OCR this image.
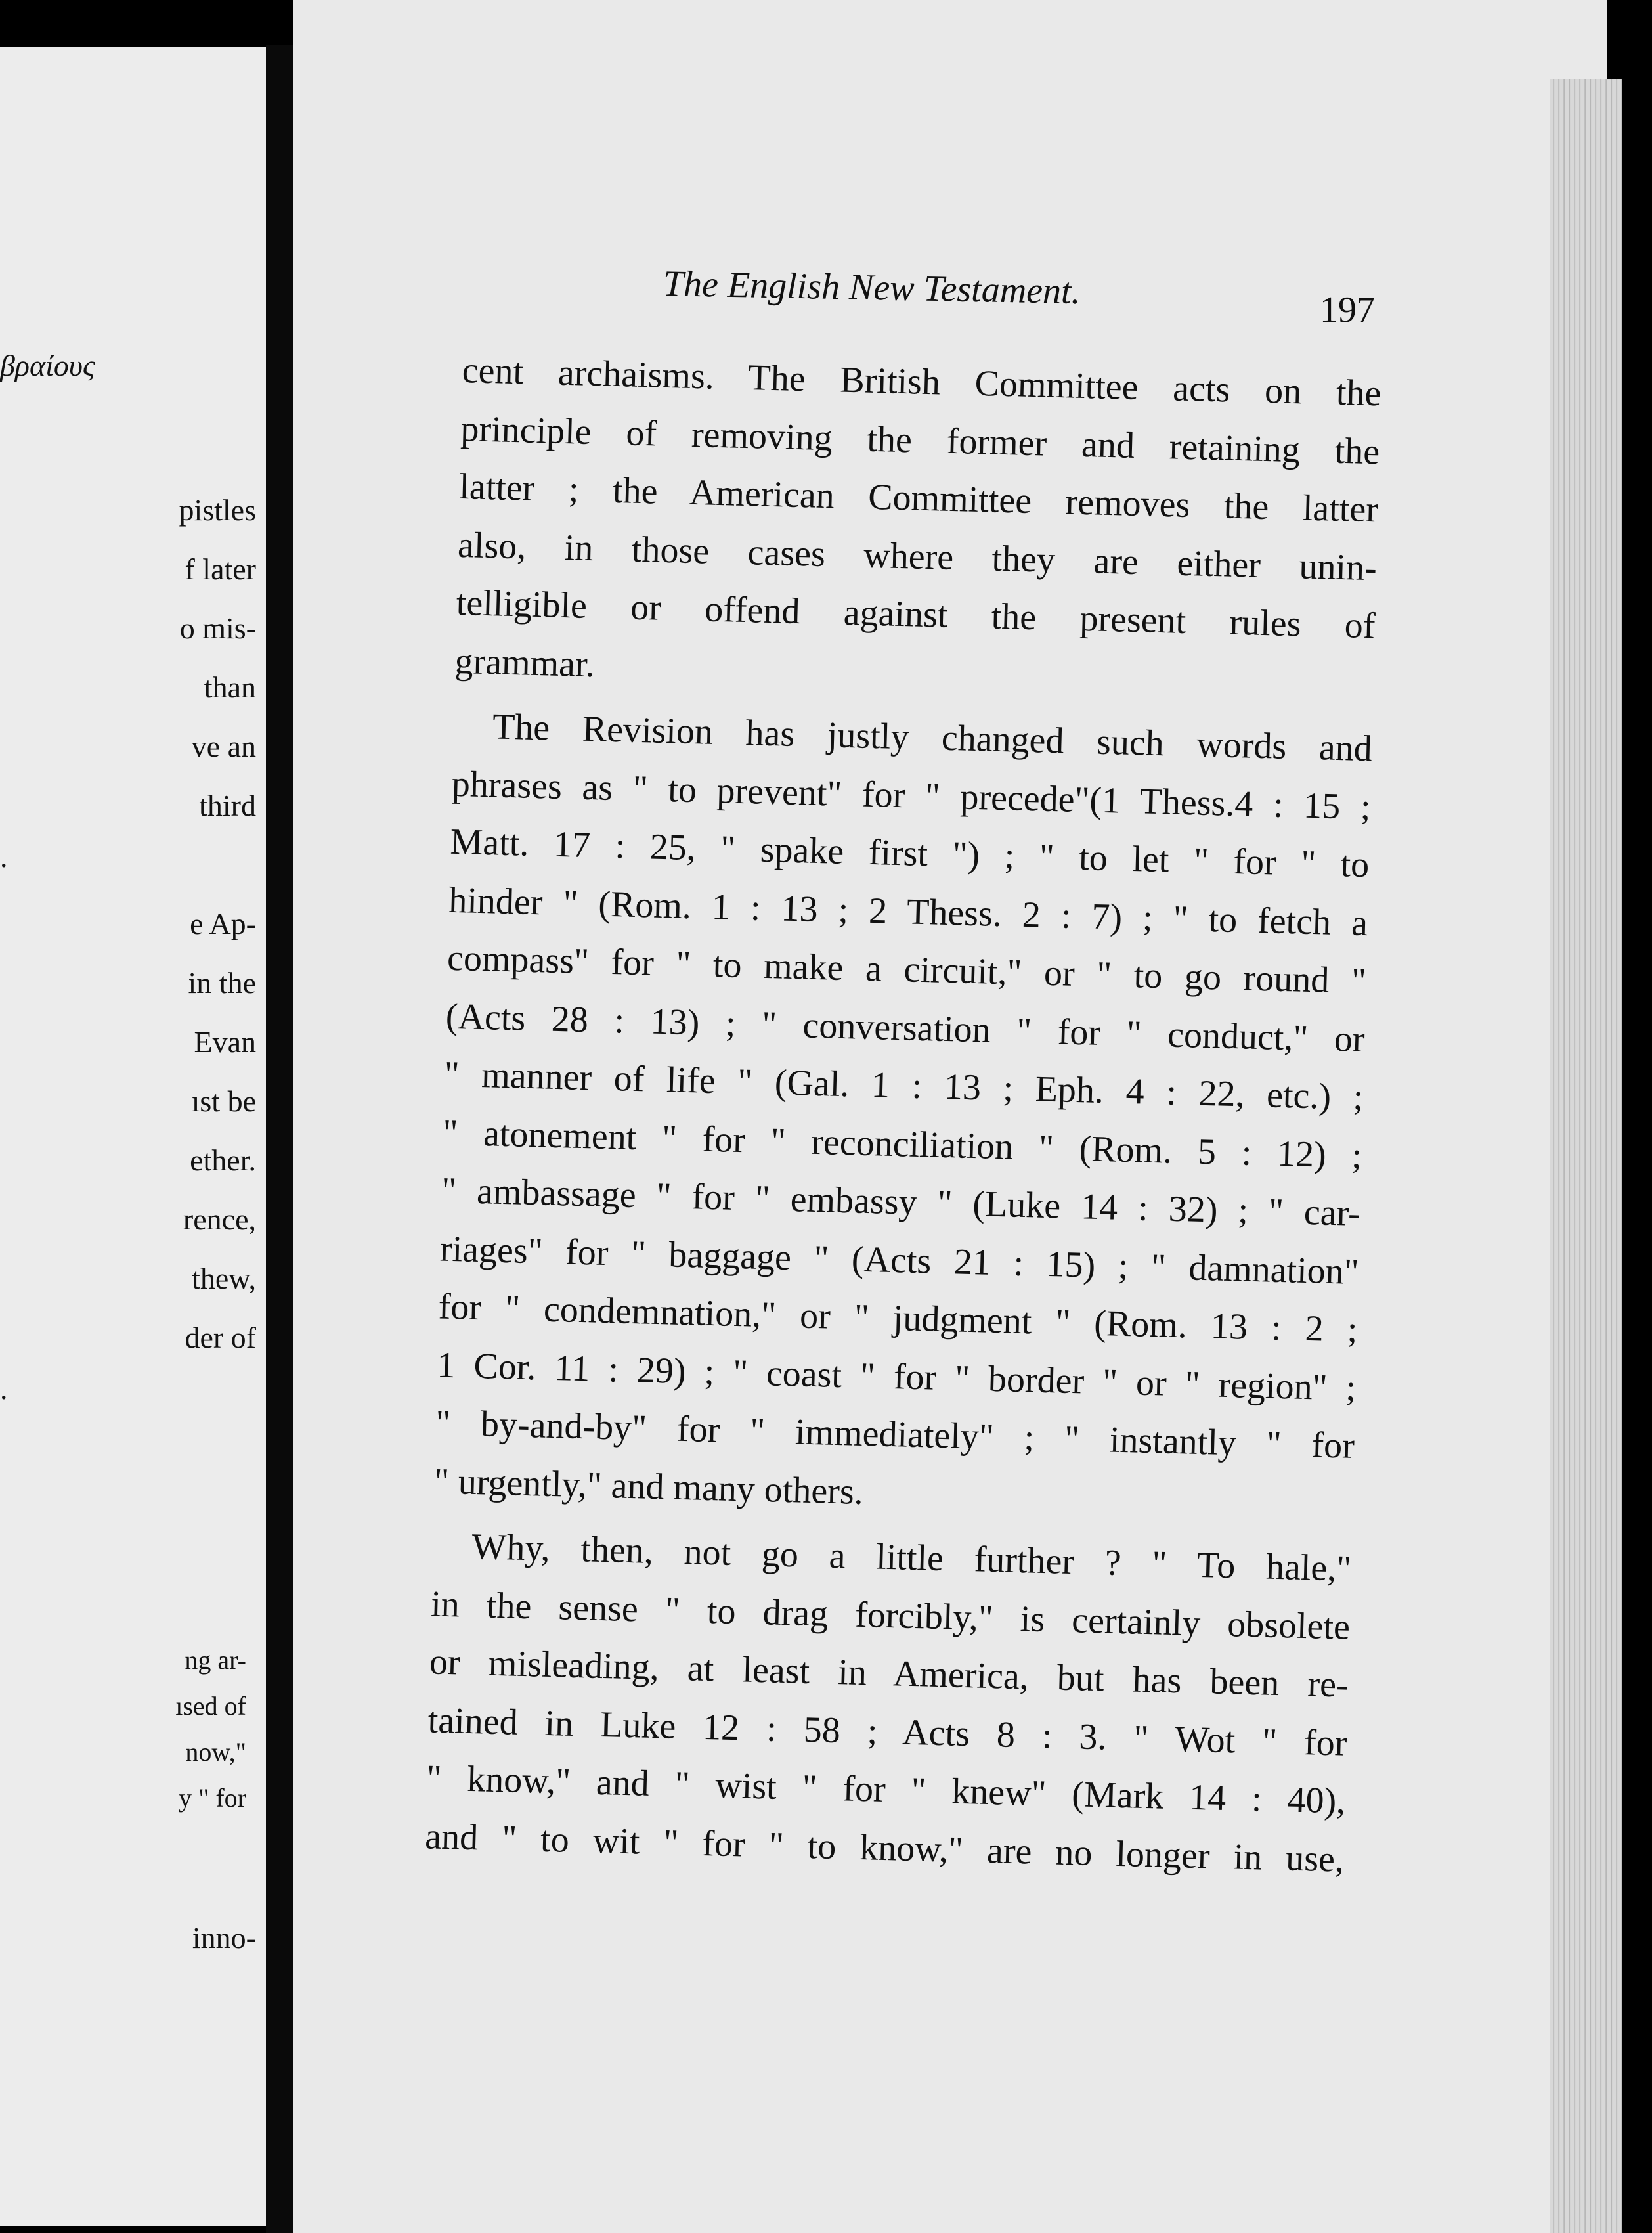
βραίους
pistles
f later
o mis-
than
ve an
third
.
e Ap-
in the
Evan
ıst be
ether.
rence,
thew,
der of
.
ng ar-
ısed of
now,"
y " for
inno-
The English New Testament.	197
cent archaisms. The British Committee acts on the
principle of removing the former and retaining the
latter ; the American Committee removes the latter
also, in those cases where they are either unin-
telligible or offend against the present rules of
grammar.
The Revision has justly changed such words and
phrases as " to prevent" for " precede"(1 Thess.4 : 15 ;
Matt. 17 : 25, " spake first ") ; " to let " for " to
hinder " (Rom. 1 : 13 ; 2 Thess. 2 : 7) ; " to fetch a
compass" for " to make a circuit," or " to go round "
(Acts 28 : 13) ; " conversation " for " conduct," or
" manner of life " (Gal. 1 : 13 ; Eph. 4 : 22, etc.) ;
" atonement " for " reconciliation " (Rom. 5 : 12) ;
" ambassage " for " embassy " (Luke 14 : 32) ; " car-
riages" for " baggage " (Acts 21 : 15) ; " damnation"
for " condemnation," or " judgment " (Rom. 13 : 2 ;
1 Cor. 11 : 29) ; " coast " for " border " or " region" ;
" by-and-by" for " immediately" ; " instantly " for
" urgently," and many others.
Why, then, not go a little further ? " To hale,"
in the sense " to drag forcibly," is certainly obsolete
or misleading, at least in America, but has been re-
tained in Luke 12 : 58 ; Acts 8 : 3. " Wot " for
" know," and " wist " for " knew" (Mark 14 : 40),
and " to wit " for " to know," are no longer in use,
